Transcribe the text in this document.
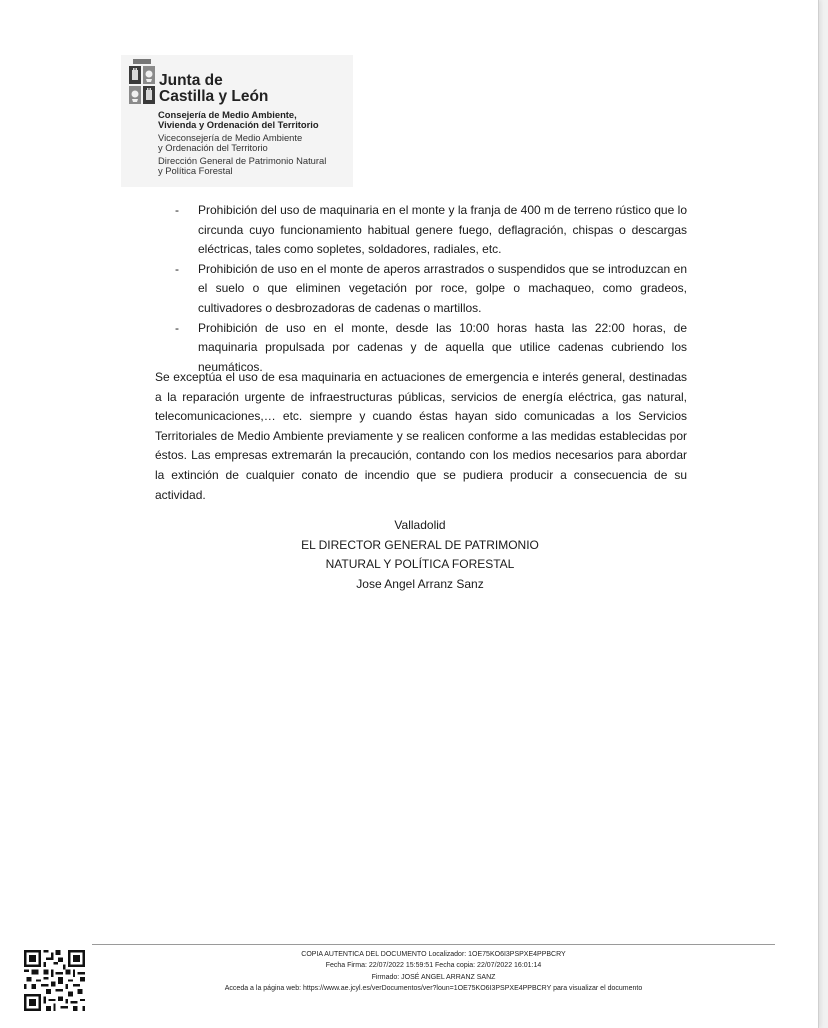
Junta de
Castilla y León
Consejería de Medio Ambiente,
Vivienda y Ordenación del Territorio
Viceconsejería de Medio Ambiente
y Ordenación del Territorio
Dirección General de Patrimonio Natural
y Política Forestal
-	Prohibición del uso de maquinaria en el monte y la franja de 400 m de terreno rústico que lo circunda cuyo funcionamiento habitual genere fuego, deflagración, chispas o descargas eléctricas, tales como sopletes, soldadores, radiales, etc.
-	Prohibición de uso en el monte de aperos arrastrados o suspendidos que se introduzcan en el suelo o que eliminen vegetación por roce, golpe o machaqueo, como gradeos, cultivadores o desbrozadoras de cadenas o martillos.
-	Prohibición de uso en el monte, desde las 10:00 horas hasta las 22:00 horas, de maquinaria propulsada por cadenas y de aquella que utilice cadenas cubriendo los neumáticos.
Se exceptúa el uso de esa maquinaria en actuaciones de emergencia e interés general, destinadas a la reparación urgente de infraestructuras públicas, servicios de energía eléctrica, gas natural, telecomunicaciones,… etc. siempre y cuando éstas hayan sido comunicadas a los Servicios Territoriales de Medio Ambiente previamente y se realicen conforme a las medidas establecidas por éstos. Las empresas extremarán la precaución, contando con los medios necesarios para abordar la extinción de cualquier conato de incendio que se pudiera producir a consecuencia de su actividad.
Valladolid
EL DIRECTOR GENERAL DE PATRIMONIO
NATURAL Y POLÍTICA FORESTAL
Jose Angel Arranz Sanz
COPIA AUTENTICA DEL DOCUMENTO Localizador: 1OE75KO6I3PSPXE4PPBCRY
Fecha Firma: 22/07/2022 15:59:51 Fecha copia: 22/07/2022 16:01:14
Firmado: JOSÉ ANGEL ARRANZ SANZ
Acceda a la página web: https://www.ae.jcyl.es/verDocumentos/ver?loun=1OE75KO6I3PSPXE4PPBCRY para visualizar el documento
